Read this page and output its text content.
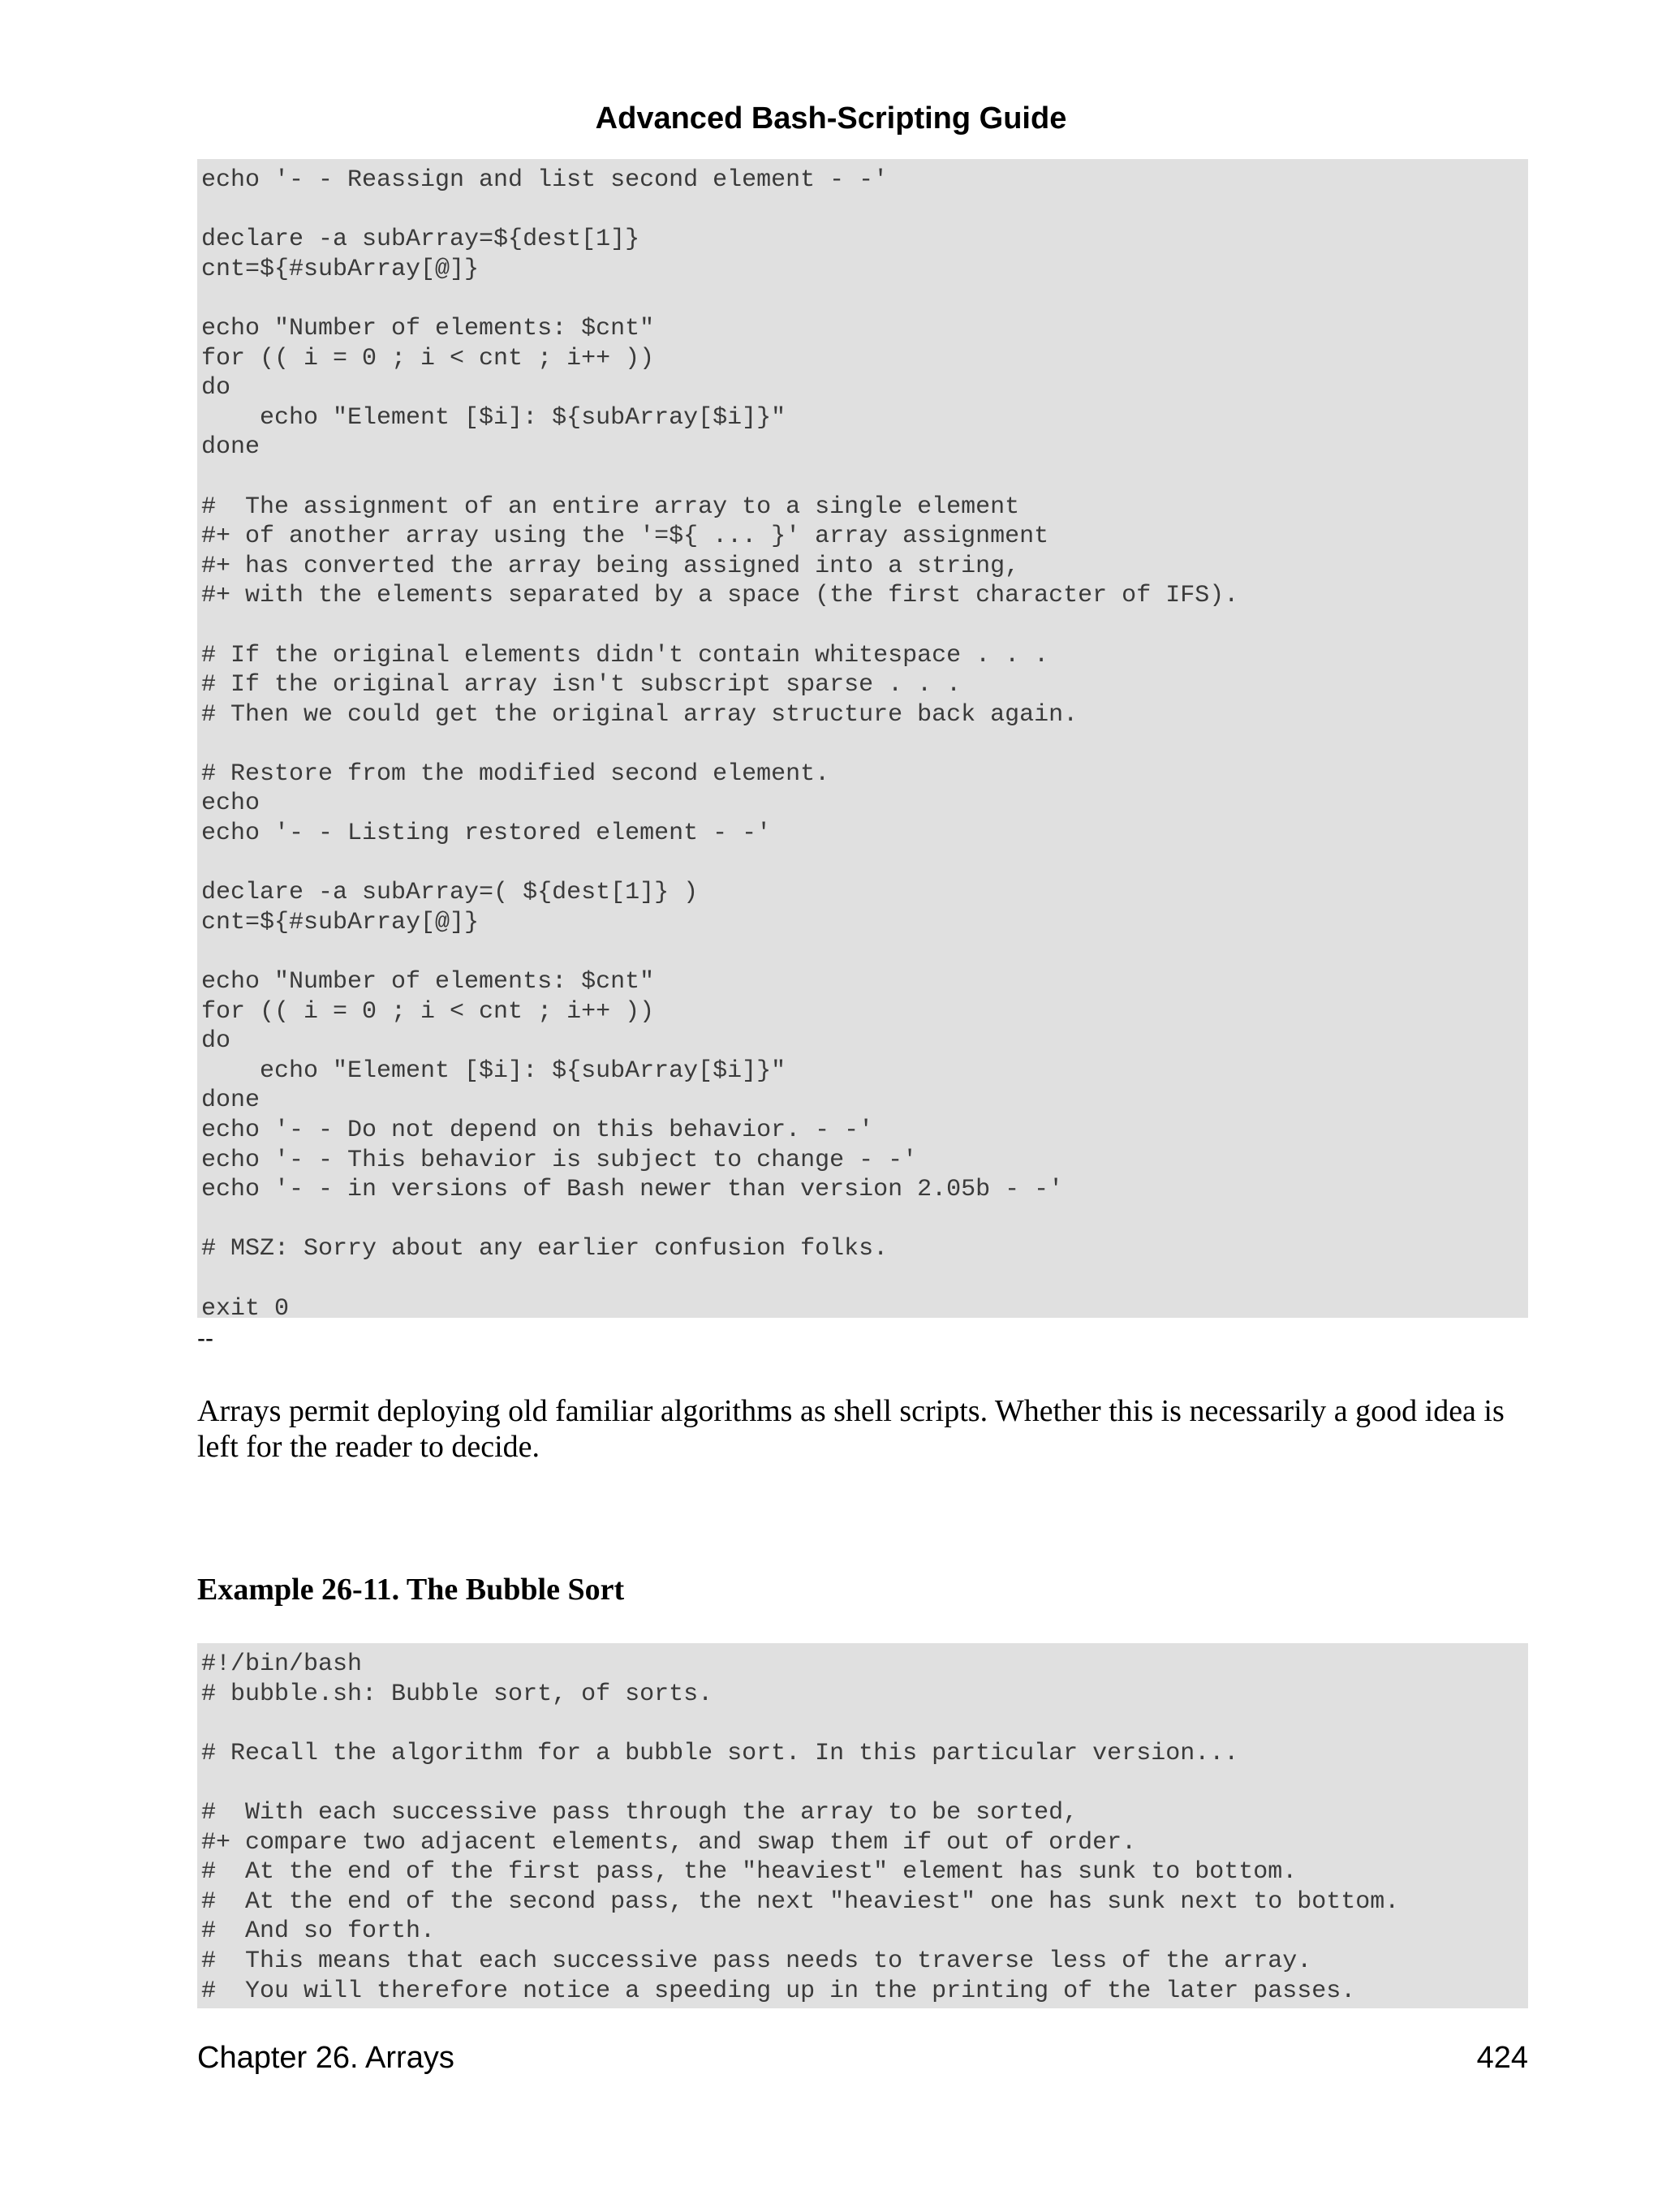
Advanced Bash-Scripting Guide
echo '- - Reassign and list second element - -'
declare -a subArray=${dest[1]}
cnt=${#subArray[@]}
echo "Number of elements: $cnt"
for (( i = 0 ; i < cnt ; i++ ))
do
echo "Element [$i]: ${subArray[$i]}"
done
#  The assignment of an entire array to a single element
#+ of another array using the '=${ ... }' array assignment
#+ has converted the array being assigned into a string,
#+ with the elements separated by a space (the first character of IFS).
# If the original elements didn't contain whitespace . . .
# If the original array isn't subscript sparse . . .
# Then we could get the original array structure back again.
# Restore from the modified second element.
echo
echo '- - Listing restored element - -'
declare -a subArray=( ${dest[1]} )
cnt=${#subArray[@]}
echo "Number of elements: $cnt"
for (( i = 0 ; i < cnt ; i++ ))
do
echo "Element [$i]: ${subArray[$i]}"
done
echo '- - Do not depend on this behavior. - -'
echo '- - This behavior is subject to change - -'
echo '- - in versions of Bash newer than version 2.05b - -'
# MSZ: Sorry about any earlier confusion folks.
exit 0

--

Arrays permit deploying old familiar algorithms as shell scripts. Whether this is necessarily a good idea is left for the reader to decide.

Example 26-11. The Bubble Sort
#!/bin/bash
# bubble.sh: Bubble sort, of sorts.
# Recall the algorithm for a bubble sort. In this particular version...
#  With each successive pass through the array to be sorted,
#+ compare two adjacent elements, and swap them if out of order.
#  At the end of the first pass, the "heaviest" element has sunk to bottom.
#  At the end of the second pass, the next "heaviest" one has sunk next to bottom.
#  And so forth.
#  This means that each successive pass needs to traverse less of the array.
#  You will therefore notice a speeding up in the printing of the later passes.
Chapter 26. Arrays	424
